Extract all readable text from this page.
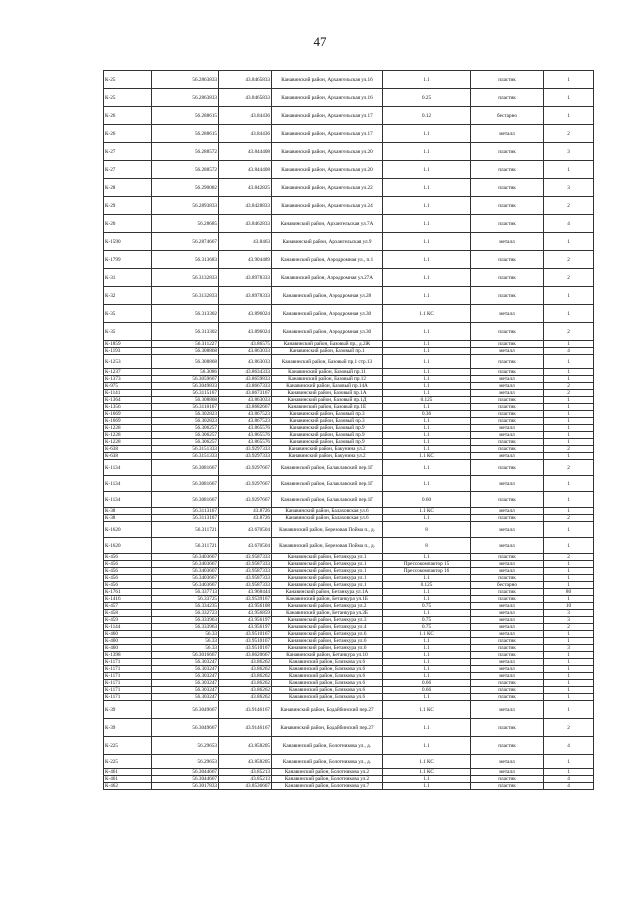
47
К-25	56.2863833	43.8465833	Канавинский район, Архангельская ул.16	1.1	пластик	1
К-25	56.2863833	43.8465833	Канавинский район, Архангельская ул.16	0.25	пластик	1
К-26	56.288615	43.84436	Канавинский район, Архангельская ул.17	0.12	бестарно	1
К-26	56.288615	43.84436	Канавинский район, Архангельская ул.17	1.1	металл	2
К-27	56.288572	43.844408	Канавинский район, Архангельская ул.20	1.1	пластик	3
К-27	56.288572	43.844408	Канавинский район, Архангельская ул.20	1.1	пластик	1
К-28	56.290082	43.842825	Канавинский район, Архангельская ул.22	1.1	пластик	3
К-29	56.2893833	43.8428833	Канавинский район, Архангельская ул.24	1.1	пластик	2
К-20	56.28685	43.8462833	Канавинский район, Архангельская ул.7А	1.1	пластик	4
К-1590	56.2874667	43.8463	Канавинский район, Архангельская ул.9	1.1	металл	1
К-1799	56.313683	43.904489	Канавинский район, Аэродромная ул., п.1	1.1	пластик	2
К-31	56.3132833	43.8978333	Канавинский район, Аэродромная ул.27А	1.1	пластик	2
К-32	56.3132833	43.8978333	Канавинский район, Аэродромная ул.28	1.1	пластик	1
К-35	56.313302	43.896024	Канавинский район, Аэродромная ул.30	1.1 КС	металл	1
К-35	56.313302	43.896024	Канавинский район, Аэродромная ул.30	1.1	пластик	2
К-1859	56.311227	43.86575	Канавинский район, Базовый пр., д.2Ж	1.1	пластик	1
К-1193	56.308868	43.863033	Канавинский район, Базовый пр.1	1.1	металл	4
К-1253	56.308868	43.863033	Канавинский район, Базовый пр.1 стр.13	1.1	пластик	1
К-1237	56.3086	43.8634333	Канавинский район, Базовый пр.11	1.1	пластик	1
К-1373	56.3059667	43.8659833	Канавинский район, Базовый пр.12	1.1	металл	1
К-975	56.3049833	43.8667333	Канавинский район, Базовый пр.14А	1.1	металл	2
К-1141	56.3115167	43.8673167	Канавинский район, Базовый пр.1А	1.1	металл	2
К-1364	56.308868	43.863033	Канавинский район, Базовый пр.1Д	0.125	пластик	1
К-1356	56.3110167	43.8682667	Канавинский район, Базовый пр.1Е	1.1	пластик	1
К-1669	56.302823	43.867523	Канавинский район, Базовый пр.3	0.36	пластик	1
К-1669	56.302823	43.867523	Канавинский район, Базовый пр.3	1.1	пластик	1
К-1228	56.306257	43.865576	Канавинский район, Базовый пр.9	1.1	металл	1
К-1228	56.306257	43.865576	Канавинский район, Базовый пр.9	1.1	металл	1
К-1228	56.306257	43.865576	Канавинский район, Базовый пр.9	1.1	пластик	1
К-638	56.3151333	43.9297333	Канавинский район, Бакунина ул.2	1.1	пластик	2
К-638	56.3151333	43.9297333	Канавинский район, Бакунина ул.2	1.1 КС	металл	1
К-1134	56.3081667	43.9297667	Канавинский район, Балаклавский пер.1Г	1.1	пластик	2
К-1134	56.3081667	43.9297667	Канавинский район, Балаклавский пер.1Г	1.1	металл	1
К-1134	56.3081667	43.9297667	Канавинский район, Балаклавский пер.1Г	0.60	пластик	1
К-38	56.3113167	43.8726	Канавинский район, Балаховская ул.6	1.1 КС	металл	1
К-38	56.3113167	43.8726	Канавинский район, Балаховская ул.6	1.1	пластик	2
К-1620	56.311721	43.670504	Канавинский район, Березовая Пойма п., д.	8	металл	1
К-1620	56.311721	43.670504	Канавинский район, Березовая Пойма п., д.	8	металл	1
К-456	56.3403667	43.9587333	Канавинский район, Бетанкура ул.1	1.1	пластик	2
К-456	56.3403667	43.9587333	Канавинский район, Бетанкура ул.1	Прессокомпактор 15	металл	1
К-456	56.3403667	43.9587333	Канавинский район, Бетанкура ул.1	Прессокомпактор 16	металл	1
К-456	56.3403667	43.9587333	Канавинский район, Бетанкура ул.1	1.1	пластик	1
К-456	56.3403667	43.9587333	Канавинский район, Бетанкура ул.1	0.125	бестарно	1
К-1761	56.337713	43.968444	Канавинский район, Бетанкура ул.1А	1.1	пластик	80
К-1416	56.33725	43.9539167	Канавинский район, Бетанкура ул.1Б	1.1	пластик	1
К-457	56.334235	43.956108	Канавинский район, Бетанкура ул.2	0.75	металл	10
К-458	56.332723	43.956859	Канавинский район, Бетанкура ул.2Б	1.1	металл	3
К-459	56.333963	43.956197	Канавинский район, Бетанкура ул.3	0.75	металл	3
К-1144	56.333963	43.956197	Канавинский район, Бетанкура ул.4	0.75	металл	2
К-460	56.33	43.9510167	Канавинский район, Бетанкура ул.6	1.1 КС	металл	1
К-460	56.33	43.9510167	Канавинский район, Бетанкура ул.6	1.1	пластик	1
К-460	56.33	43.9510167	Канавинский район, Бетанкура ул.6	1.1	пластик	3
К-1398	56.3016667	43.8620667	Канавинский район, Бетанкура ул.10	1.1	пластик	1
К-1171	56.303247	43.86262	Канавинский район, Близкова ул.6	1.1	металл	1
К-1171	56.303247	43.86262	Канавинский район, Близкова ул.6	1.1	металл	1
К-1171	56.303247	43.86262	Канавинский район, Близкова ул.6	1.1	металл	1
К-1171	56.303247	43.86262	Канавинский район, Близкова ул.6	0.66	пластик	1
К-1171	56.303247	43.86262	Канавинский район, Близкова ул.6	0.66	пластик	1
К-1171	56.303247	43.86262	Канавинский район, Близкова ул.6	1.1	пластик	1
К-39	56.3049667	43.9146167	Канавинский район, Бодайбинский пер.27	1.1 КС	металл	1
К-39	56.3049667	43.9146167	Канавинский район, Бодайбинский пер.27	1.1	пластик	2
К-225	56.29653	43.858205	Канавинский район, Болотникова ул., д.	1.1	пластик	4
К-225	56.29653	43.858205	Канавинский район, Болотникова ул., д.	1.1 КС	металл	1
К-461	56.3044667	43.85213	Канавинский район, Болотникова ул.2	1.1 КС	металл	1
К-461	56.3044667	43.85213	Канавинский район, Болотникова ул.2	1.1	пластик	4
К-462	56.3017833	43.8536667	Канавинский район, Болотникова ул.7	1.1	пластик	4
